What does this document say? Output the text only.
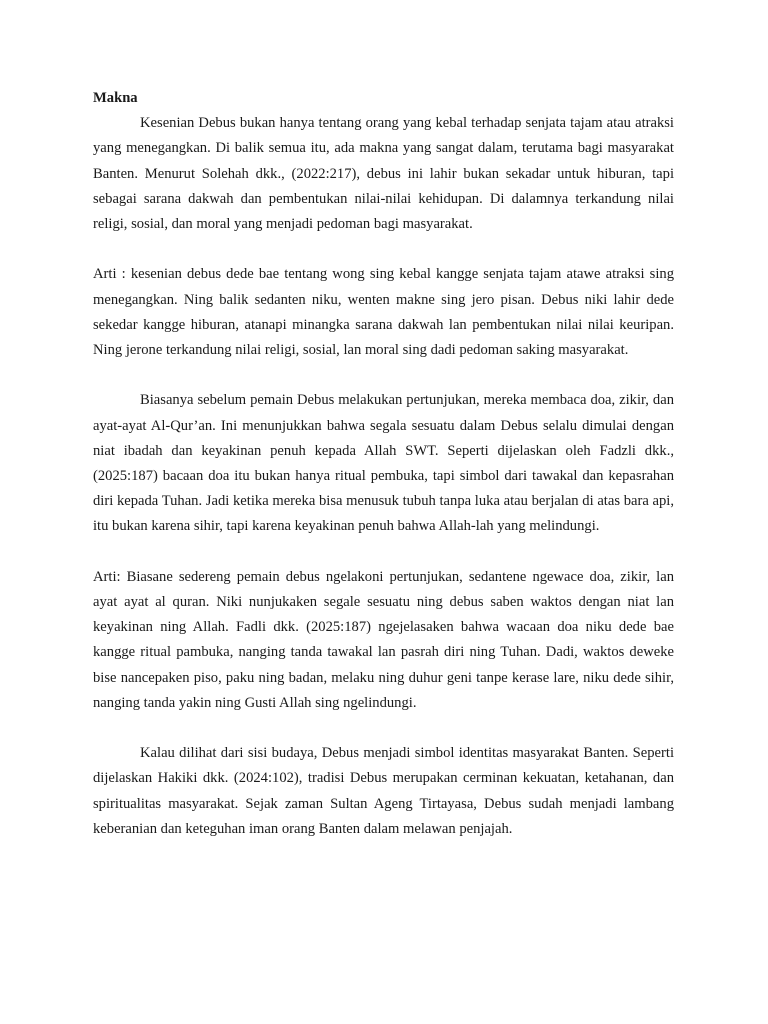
Makna

Kesenian Debus bukan hanya tentang orang yang kebal terhadap senjata tajam atau atraksi yang menegangkan. Di balik semua itu, ada makna yang sangat dalam, terutama bagi masyarakat Banten. Menurut Solehah dkk., (2022:217), debus ini lahir bukan sekadar untuk hiburan, tapi sebagai sarana dakwah dan pembentukan nilai-nilai kehidupan. Di dalamnya terkandung nilai religi, sosial, dan moral yang menjadi pedoman bagi masyarakat.

Arti : kesenian debus dede bae tentang wong sing kebal kangge senjata tajam atawe atraksi sing menegangkan. Ning balik sedanten niku, wenten makne sing jero pisan. Debus niki lahir dede sekedar kangge hiburan, atanapi minangka sarana dakwah lan pembentukan nilai nilai keuripan. Ning jerone terkandung nilai religi, sosial, lan moral sing dadi pedoman saking masyarakat.

Biasanya sebelum pemain Debus melakukan pertunjukan, mereka membaca doa, zikir, dan ayat-ayat Al-Qur’an. Ini menunjukkan bahwa segala sesuatu dalam Debus selalu dimulai dengan niat ibadah dan keyakinan penuh kepada Allah SWT. Seperti dijelaskan oleh Fadzli dkk., (2025:187) bacaan doa itu bukan hanya ritual pembuka, tapi simbol dari tawakal dan kepasrahan diri kepada Tuhan. Jadi ketika mereka bisa menusuk tubuh tanpa luka atau berjalan di atas bara api, itu bukan karena sihir, tapi karena keyakinan penuh bahwa Allah-lah yang melindungi.

Arti: Biasane sedereng pemain debus ngelakoni pertunjukan, sedantene ngewace doa, zikir, lan ayat ayat al quran. Niki nunjukaken segale sesuatu ning debus saben waktos dengan niat lan keyakinan ning Allah. Fadli dkk. (2025:187) ngejelasaken bahwa wacaan doa niku dede bae kangge ritual pambuka, nanging tanda tawakal lan pasrah diri ning Tuhan. Dadi, waktos deweke bise nancepaken piso, paku ning badan, melaku ning duhur geni tanpe kerase lare, niku dede sihir, nanging tanda yakin ning Gusti Allah sing ngelindungi.

Kalau dilihat dari sisi budaya, Debus menjadi simbol identitas masyarakat Banten. Seperti dijelaskan Hakiki dkk. (2024:102), tradisi Debus merupakan cerminan kekuatan, ketahanan, dan spiritualitas masyarakat. Sejak zaman Sultan Ageng Tirtayasa, Debus sudah menjadi lambang keberanian dan keteguhan iman orang Banten dalam melawan penjajah.
